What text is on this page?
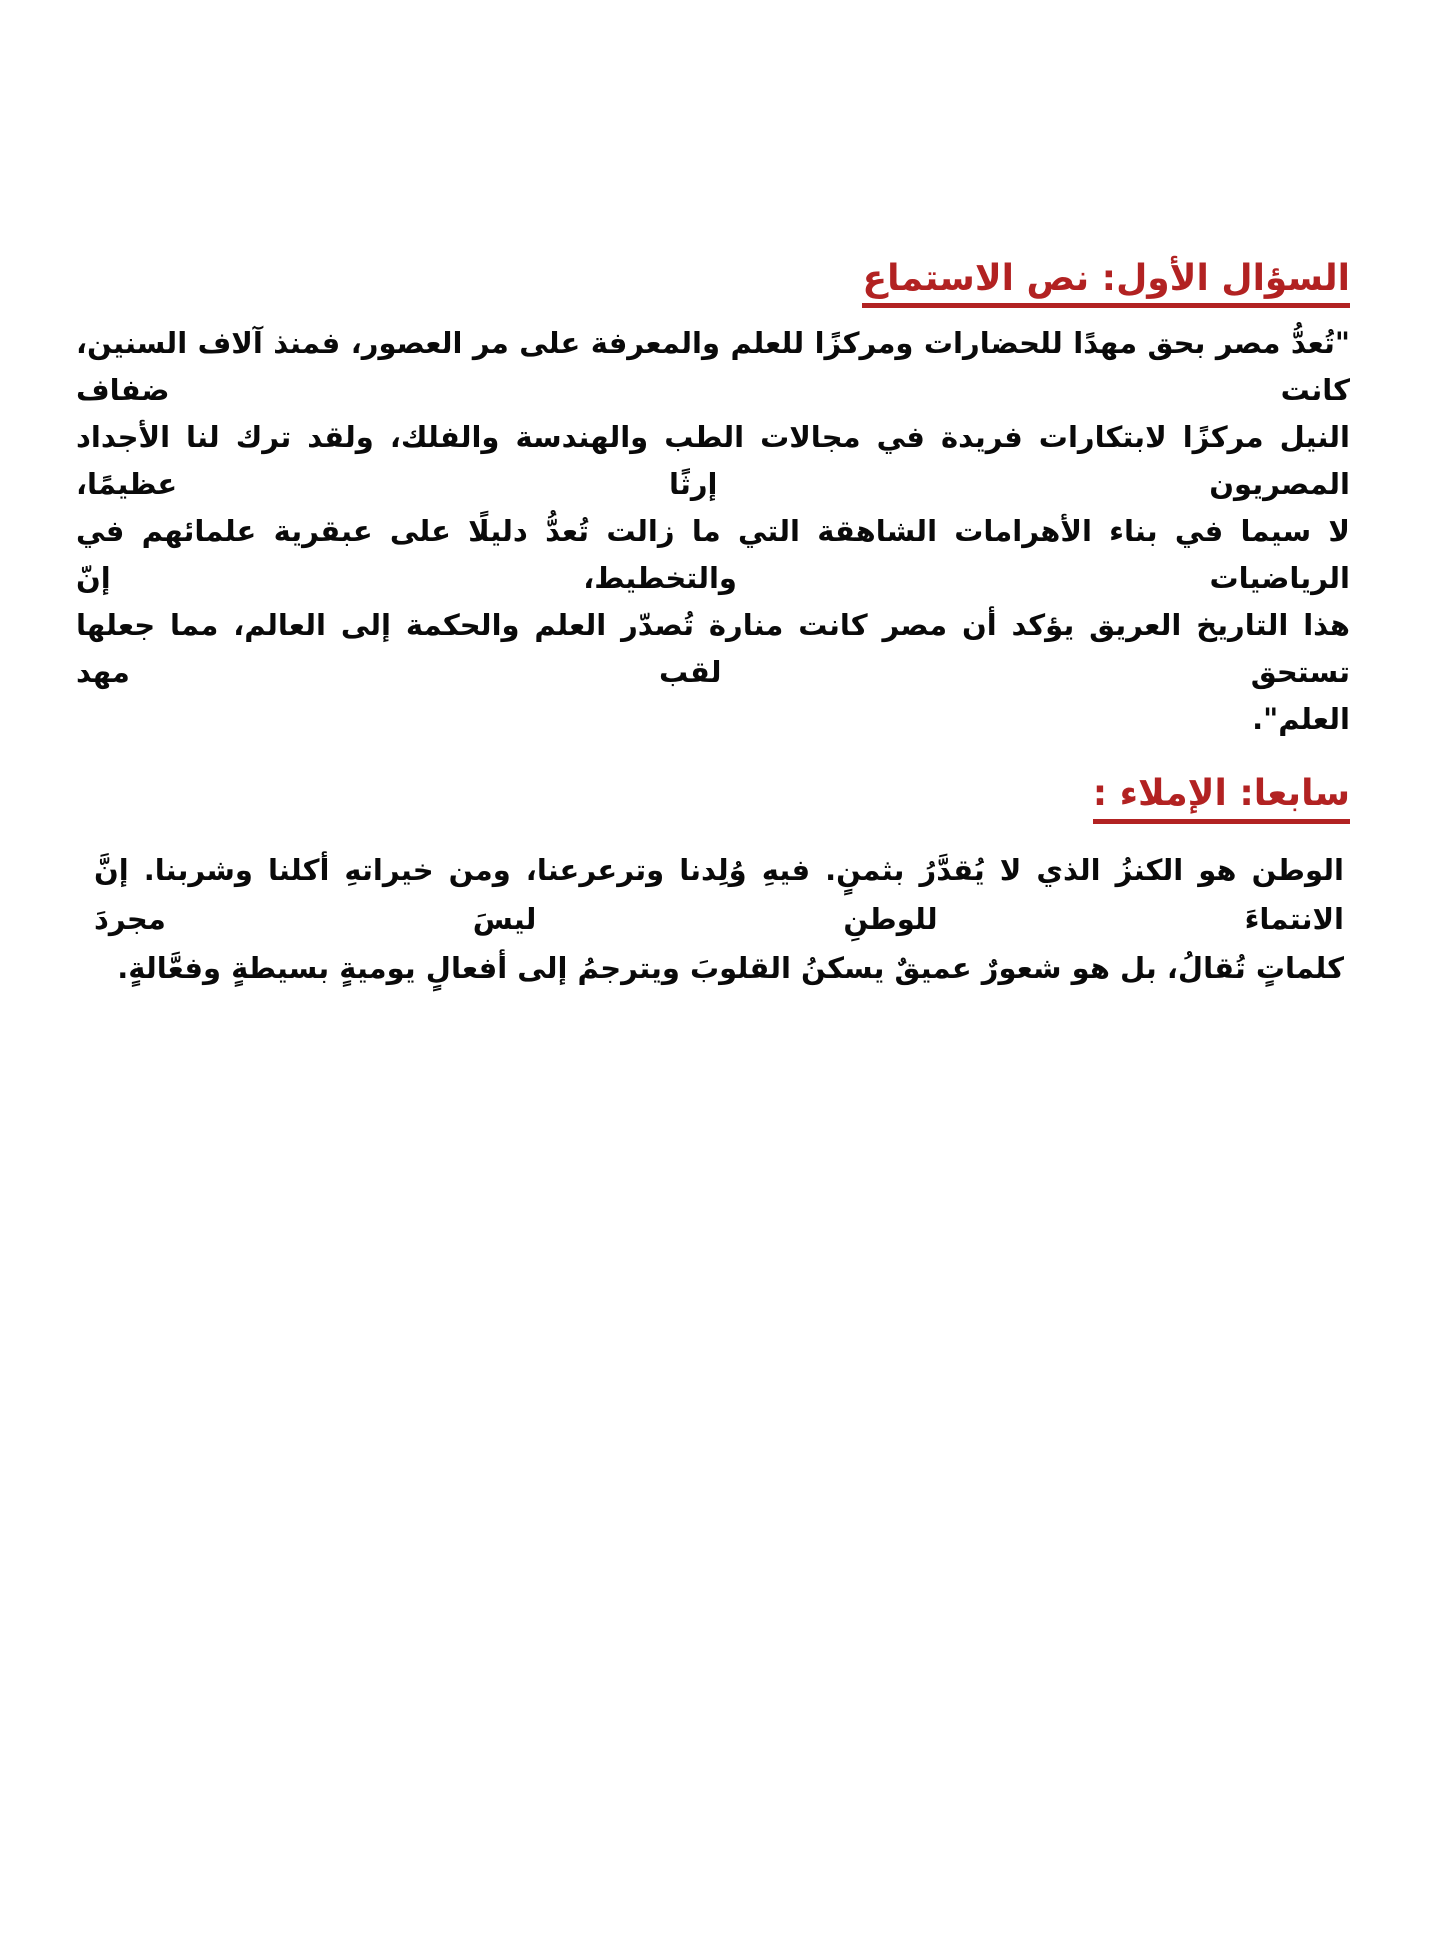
السؤال الأول: نص الاستماع
"تُعدُّ مصر بحق مهدًا للحضارات ومركزًا للعلم والمعرفة على مر العصور، فمنذ آلاف السنين، كانت ضفاف
النيل مركزًا لابتكارات فريدة في مجالات الطب والهندسة والفلك، ولقد ترك لنا الأجداد المصريون إرثًا عظيمًا،
لا سيما في بناء الأهرامات الشاهقة التي ما زالت تُعدُّ دليلًا على عبقرية علمائهم في الرياضيات والتخطيط، إنّ
هذا التاريخ العريق يؤكد أن مصر كانت منارة تُصدّر العلم والحكمة إلى العالم، مما جعلها تستحق لقب مهد
العلم".
سابعا: الإملاء :
الوطن هو الكنزُ الذي لا يُقدَّرُ بثمنٍ. فيهِ وُلِدنا وترعرعنا، ومن خيراتهِ أكلنا وشربنا. إنَّ الانتماءَ للوطنِ ليسَ مجردَ
كلماتٍ تُقالُ، بل هو شعورٌ عميقٌ يسكنُ القلوبَ ويترجمُ إلى أفعالٍ يوميةٍ بسيطةٍ وفعَّالةٍ.
